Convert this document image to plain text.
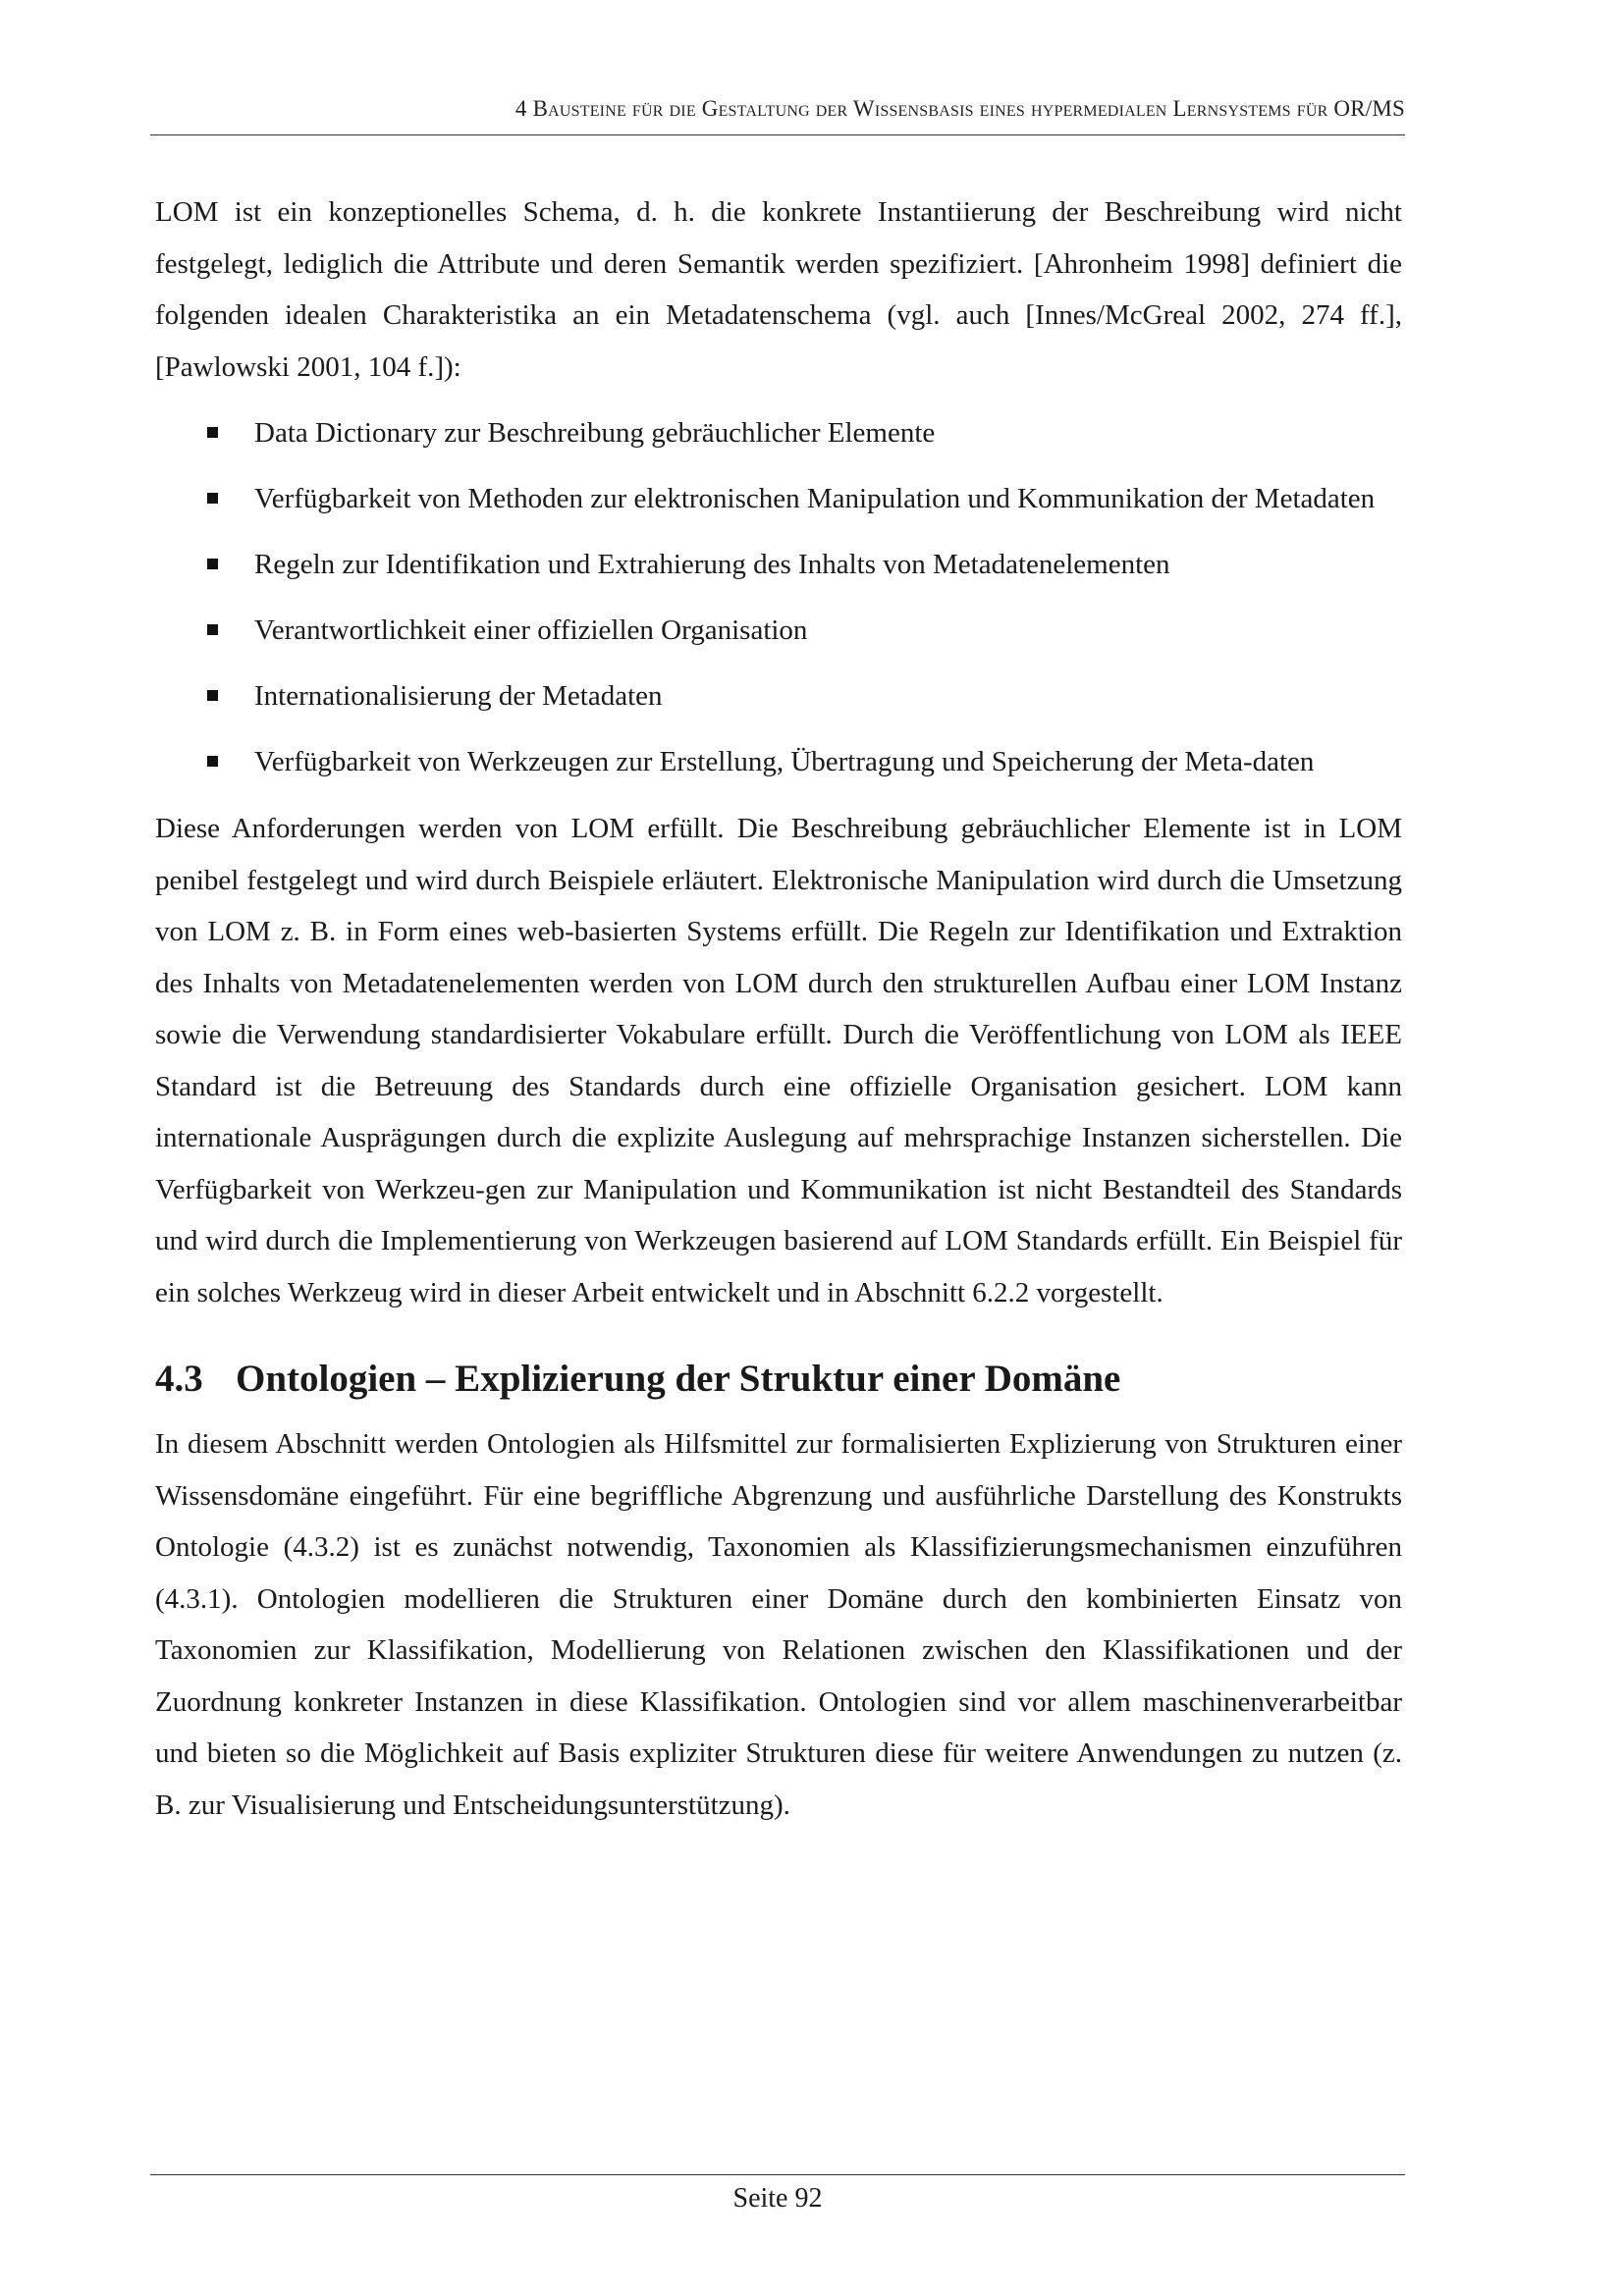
4 Bausteine für die Gestaltung der Wissensbasis eines hypermedialen Lernsystems für OR/MS

LOM ist ein konzeptionelles Schema, d. h. die konkrete Instantiierung der Beschreibung wird nicht festgelegt, lediglich die Attribute und deren Semantik werden spezifiziert. [Ahronheim 1998] definiert die folgenden idealen Charakteristika an ein Metadatenschema (vgl. auch [Innes/McGreal 2002, 274 ff.], [Pawlowski 2001, 104 f.]):

Data Dictionary zur Beschreibung gebräuchlicher Elemente
Verfügbarkeit von Methoden zur elektronischen Manipulation und Kommunikation der Metadaten
Regeln zur Identifikation und Extrahierung des Inhalts von Metadatenelementen
Verantwortlichkeit einer offiziellen Organisation
Internationalisierung der Metadaten
Verfügbarkeit von Werkzeugen zur Erstellung, Übertragung und Speicherung der Meta-daten

Diese Anforderungen werden von LOM erfüllt. Die Beschreibung gebräuchlicher Elemente ist in LOM penibel festgelegt und wird durch Beispiele erläutert. Elektronische Manipulation wird durch die Umsetzung von LOM z. B. in Form eines web-basierten Systems erfüllt. Die Regeln zur Identifikation und Extraktion des Inhalts von Metadatenelementen werden von LOM durch den strukturellen Aufbau einer LOM Instanz sowie die Verwendung standardisierter Vokabulare erfüllt. Durch die Veröffentlichung von LOM als IEEE Standard ist die Betreuung des Standards durch eine offizielle Organisation gesichert. LOM kann internationale Ausprägungen durch die explizite Auslegung auf mehrsprachige Instanzen sicherstellen. Die Verfügbarkeit von Werkzeu-gen zur Manipulation und Kommunikation ist nicht Bestandteil des Standards und wird durch die Implementierung von Werkzeugen basierend auf LOM Standards erfüllt. Ein Beispiel für ein solches Werkzeug wird in dieser Arbeit entwickelt und in Abschnitt 6.2.2 vorgestellt.

4.3 Ontologien – Explizierung der Struktur einer Domäne

In diesem Abschnitt werden Ontologien als Hilfsmittel zur formalisierten Explizierung von Strukturen einer Wissensdomäne eingeführt. Für eine begriffliche Abgrenzung und ausführliche Darstellung des Konstrukts Ontologie (4.3.2) ist es zunächst notwendig, Taxonomien als Klassifizierungsmechanismen einzuführen (4.3.1). Ontologien modellieren die Strukturen einer Domäne durch den kombinierten Einsatz von Taxonomien zur Klassifikation, Modellierung von Relationen zwischen den Klassifikationen und der Zuordnung konkreter Instanzen in diese Klassifikation. Ontologien sind vor allem maschinenverarbeitbar und bieten so die Möglichkeit auf Basis expliziter Strukturen diese für weitere Anwendungen zu nutzen (z. B. zur Visualisierung und Entscheidungsunterstützung).

Seite 92
